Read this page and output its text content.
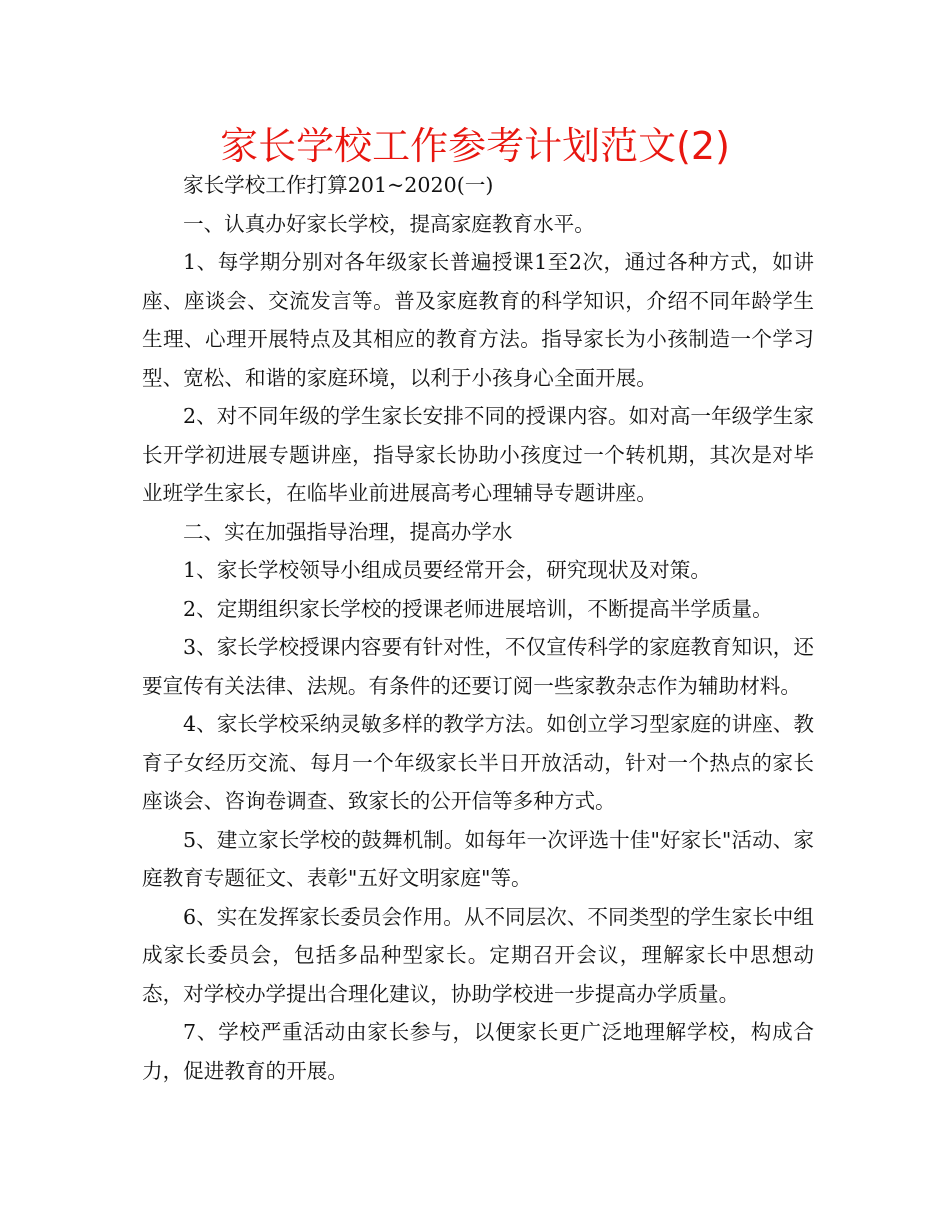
家长学校工作参考计划范文(2)

家长学校工作打算201~2020(一)

一、认真办好家长学校，提高家庭教育水平。

1、每学期分别对各年级家长普遍授课1至2次，通过各种方式，如讲座、座谈会、交流发言等。普及家庭教育的科学知识，介绍不同年龄学生生理、心理开展特点及其相应的教育方法。指导家长为小孩制造一个学习型、宽松、和谐的家庭环境，以利于小孩身心全面开展。

2、对不同年级的学生家长安排不同的授课内容。如对高一年级学生家长开学初进展专题讲座，指导家长协助小孩度过一个转机期，其次是对毕业班学生家长，在临毕业前进展高考心理辅导专题讲座。

二、实在加强指导治理，提高办学水

1、家长学校领导小组成员要经常开会，研究现状及对策。

2、定期组织家长学校的授课老师进展培训，不断提高半学质量。

3、家长学校授课内容要有针对性，不仅宣传科学的家庭教育知识，还要宣传有关法律、法规。有条件的还要订阅一些家教杂志作为辅助材料。

4、家长学校采纳灵敏多样的教学方法。如创立学习型家庭的讲座、教育子女经历交流、每月一个年级家长半日开放活动，针对一个热点的家长座谈会、咨询卷调查、致家长的公开信等多种方式。

5、建立家长学校的鼓舞机制。如每年一次评选十佳"好家长"活动、家庭教育专题征文、表彰"五好文明家庭"等。

6、实在发挥家长委员会作用。从不同层次、不同类型的学生家长中组成家长委员会，包括多品种型家长。定期召开会议，理解家长中思想动态，对学校办学提出合理化建议，协助学校进一步提高办学质量。

7、学校严重活动由家长参与，以便家长更广泛地理解学校，构成合力，促进教育的开展。
